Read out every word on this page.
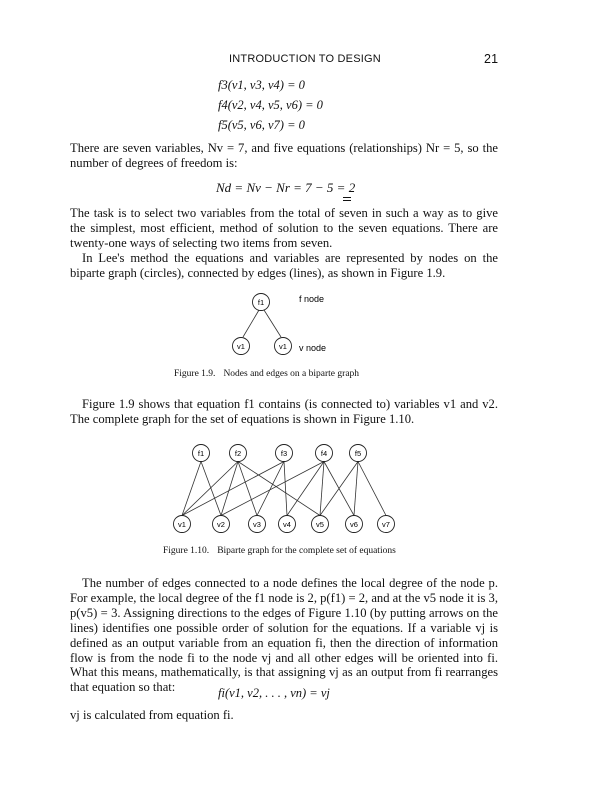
INTRODUCTION TO DESIGN	21
f3(v1, v3, v4) = 0
f4(v2, v4, v5, v6) = 0
f5(v5, v6, v7) = 0

There are seven variables, Nv = 7, and five equations (relationships) Nr = 5, so the number of degrees of freedom is:

Nd = Nv − Nr = 7 − 5 = 2

The task is to select two variables from the total of seven in such a way as to give the simplest, most efficient, method of solution to the seven equations. There are twenty-one ways of selecting two items from seven.

In Lee's method the equations and variables are represented by nodes on the biparte graph (circles), connected by edges (lines), as shown in Figure 1.9.

f1
v1	v1
f node
v node
Figure 1.9. Nodes and edges on a biparte graph

Figure 1.9 shows that equation f1 contains (is connected to) variables v1 and v2. The complete graph for the set of equations is shown in Figure 1.10.

f1	f2	f3	f4	f5
v1	v2	v3	v4	v5	v6	v7
Figure 1.10. Biparte graph for the complete set of equations

The number of edges connected to a node defines the local degree of the node p. For example, the local degree of the f1 node is 2, p(f1) = 2, and at the v5 node it is 3, p(v5) = 3. Assigning directions to the edges of Figure 1.10 (by putting arrows on the lines) identifies one possible order of solution for the equations. If a variable vj is defined as an output variable from an equation fi, then the direction of information flow is from the node fi to the node vj and all other edges will be oriented into fi. What this means, mathematically, is that assigning vj as an output from fi rearranges that equation so that:	fi(v1, v2, . . . , vn) = vj

vj is calculated from equation fi.
